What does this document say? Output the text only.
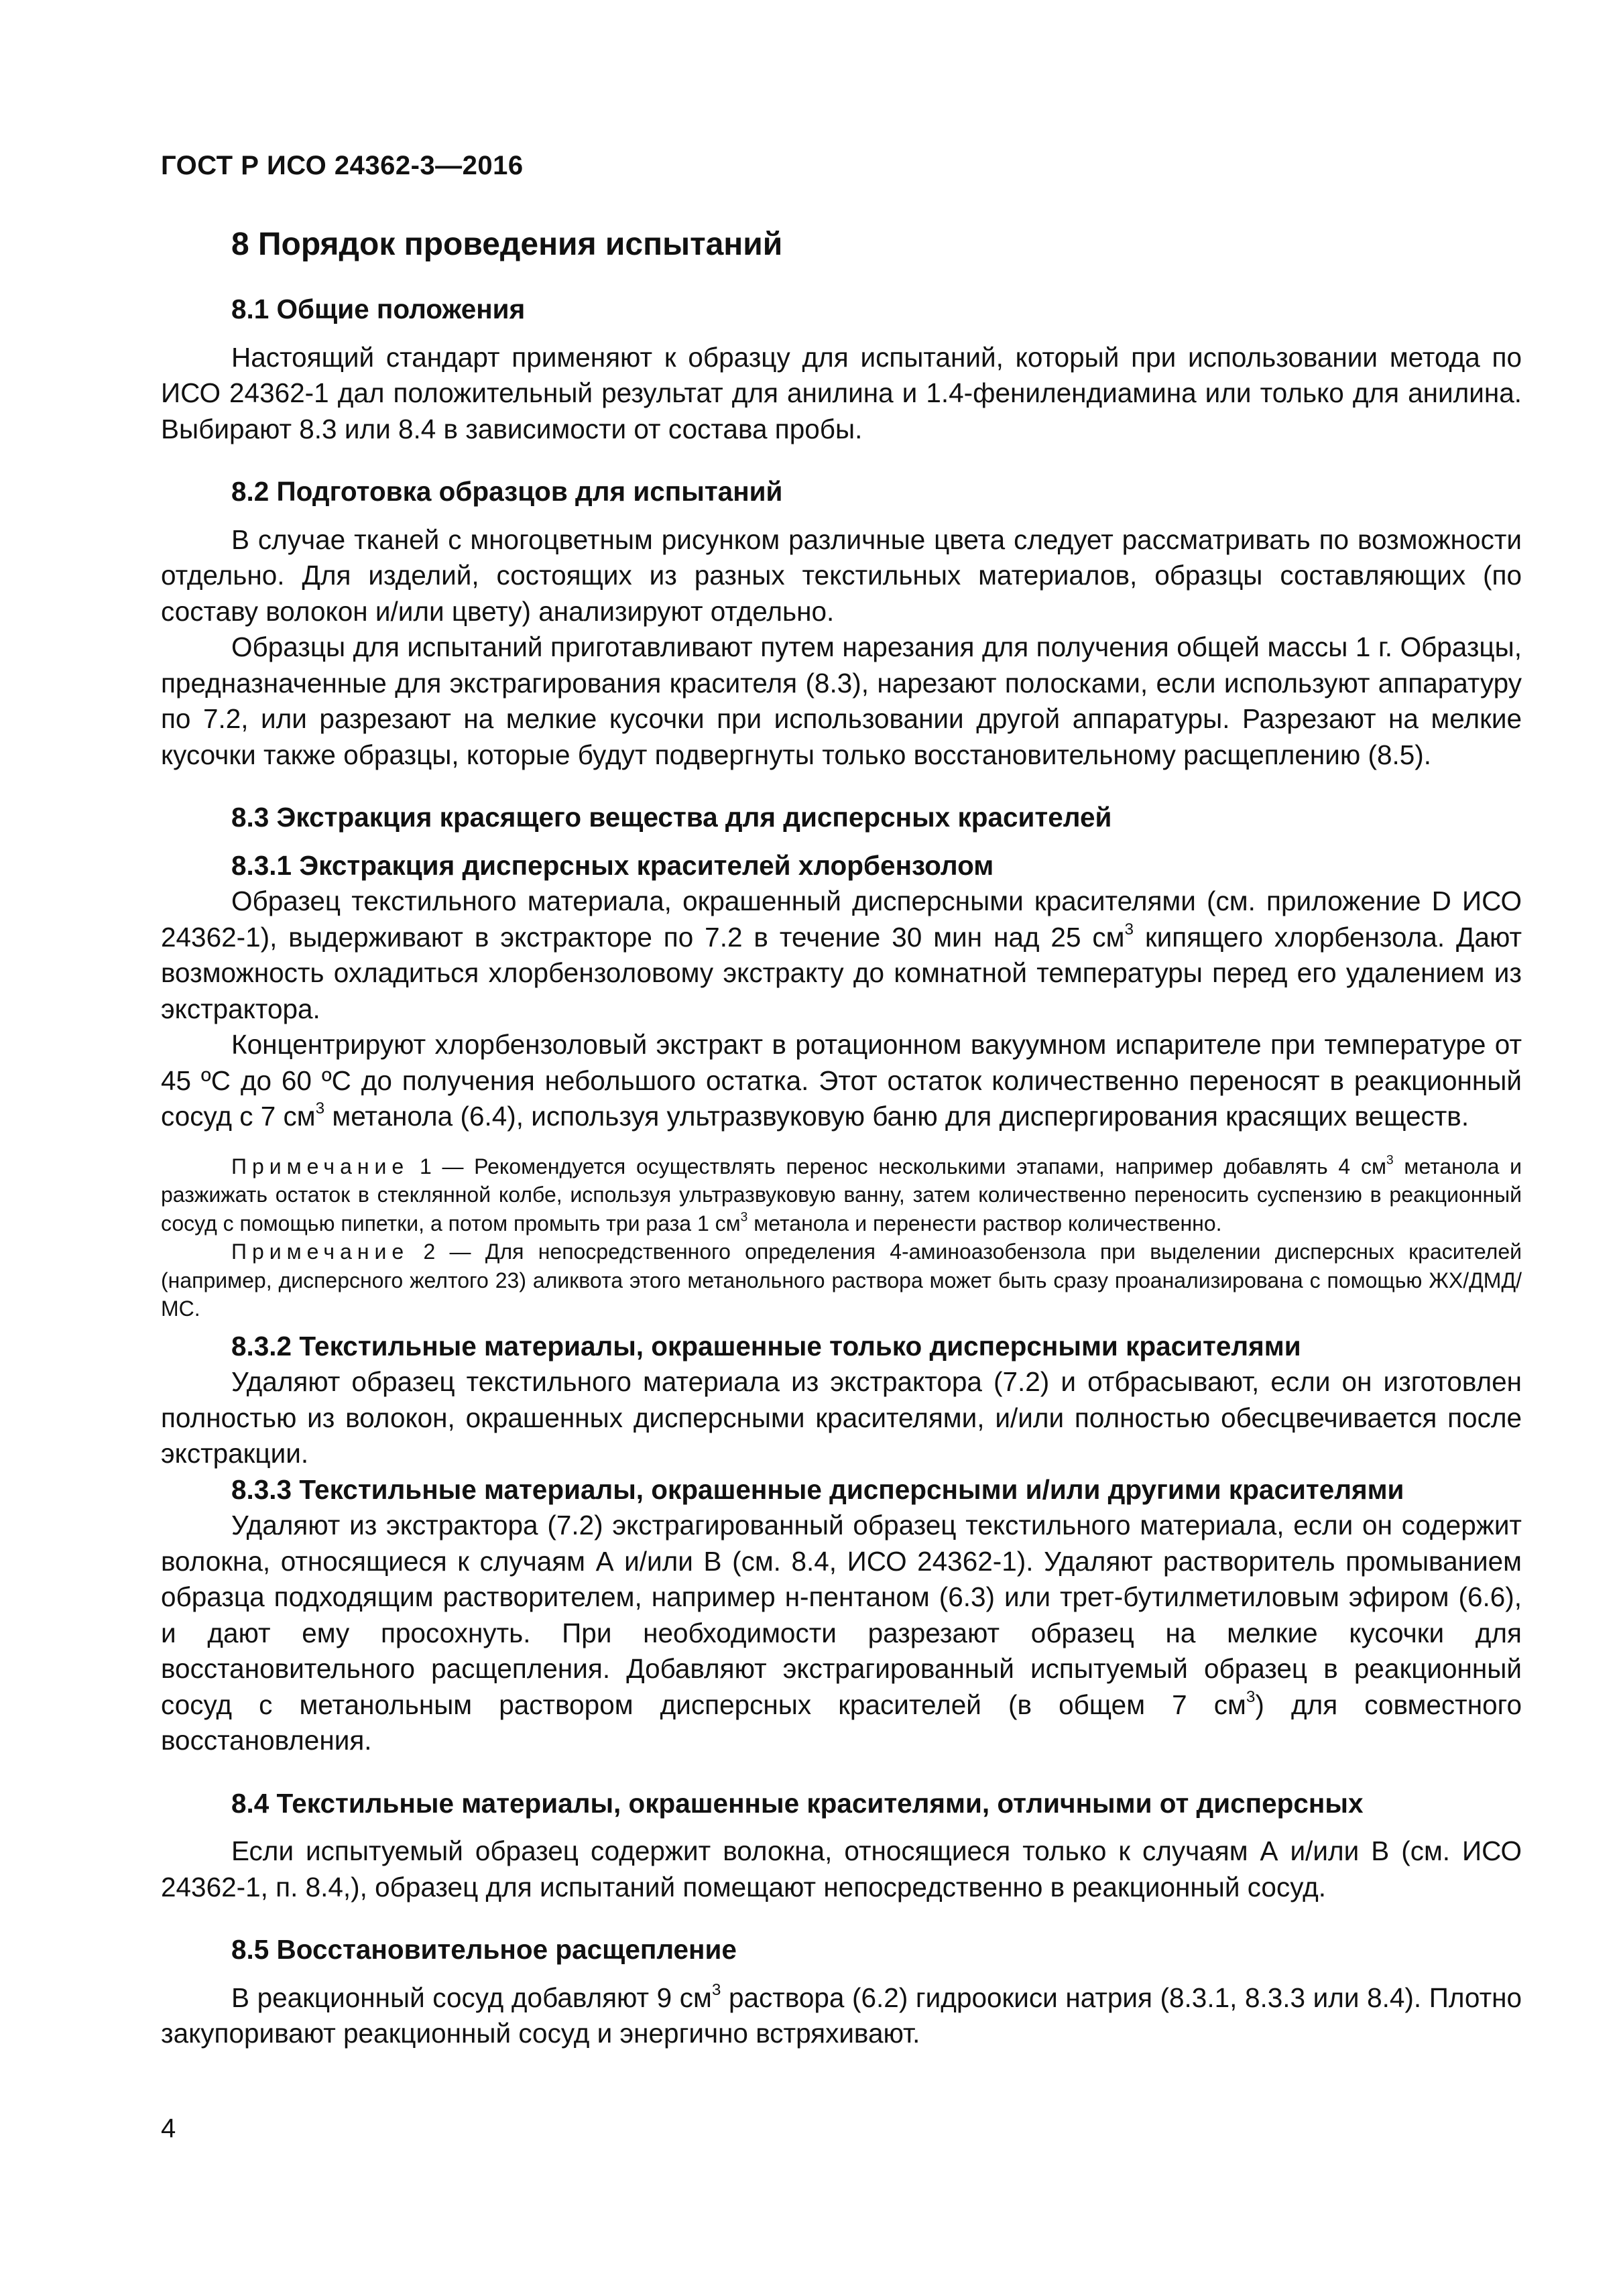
ГОСТ Р ИСО 24362-3—2016
8 Порядок проведения испытаний
8.1 Общие положения

Настоящий стандарт применяют к образцу для испытаний, который при использовании метода по ИСО 24362-1 дал положительный результат для анилина и 1.4-фенилендиамина или только для анилина. Выбирают 8.3 или 8.4 в зависимости от состава пробы.

8.2 Подготовка образцов для испытаний

В случае тканей с многоцветным рисунком различные цвета следует рассматривать по возможности отдельно. Для изделий, состоящих из разных текстильных материалов, образцы составляющих (по составу волокон и/или цвету) анализируют отдельно.

Образцы для испытаний приготавливают путем нарезания для получения общей массы 1 г. Образцы, предназначенные для экстрагирования красителя (8.3), нарезают полосками, если используют аппаратуру по 7.2, или разрезают на мелкие кусочки при использовании другой аппаратуры. Разрезают на мелкие кусочки также образцы, которые будут подвергнуты только восстановительному расщеплению (8.5).

8.3 Экстракция красящего вещества для дисперсных красителей
8.3.1 Экстракция дисперсных красителей хлорбензолом

Образец текстильного материала, окрашенный дисперсными красителями (см. приложение D ИСО 24362-1), выдерживают в экстракторе по 7.2 в течение 30 мин над 25 $см^3$ кипящего хлорбензола. Дают возможность охладиться хлорбензоловому экстракту до комнатной температуры перед его удалением из экстрактора.

Концентрируют хлорбензоловый экстракт в ротационном вакуумном испарителе при температуре от 45 ºС до 60 ºС до получения небольшого остатка. Этот остаток количественно переносят в реакционный сосуд с 7 $см^3$ метанола (6.4), используя ультразвуковую баню для диспергирования красящих веществ.

Примечание 1 — Рекомендуется осуществлять перенос несколькими этапами, например добавлять 4 $см^3$ метанола и разжижать остаток в стеклянной колбе, используя ультразвуковую ванну, затем количественно переносить суспензию в реакционный сосуд с помощью пипетки, а потом промыть три раза 1 $см^3$ метанола и перенести раствор количественно.

Примечание 2 — Для непосредственного определения 4-аминоазобензола при выделении дисперсных красителей (например, дисперсного желтого 23) аликвота этого метанольного раствора может быть сразу проанализирована с помощью ЖХ/ДМД/МС.

8.3.2 Текстильные материалы, окрашенные только дисперсными красителями

Удаляют образец текстильного материала из экстрактора (7.2) и отбрасывают, если он изготовлен полностью из волокон, окрашенных дисперсными красителями, и/или полностью обесцвечивается после экстракции.

8.3.3 Текстильные материалы, окрашенные дисперсными и/или другими красителями

Удаляют из экстрактора (7.2) экстрагированный образец текстильного материала, если он содержит волокна, относящиеся к случаям А и/или В (см. 8.4, ИСО 24362-1). Удаляют растворитель промыванием образца подходящим растворителем, например н-пентаном (6.3) или трет-бутилметиловым эфиром (6.6), и дают ему просохнуть. При необходимости разрезают образец на мелкие кусочки для восстановительного расщепления. Добавляют экстрагированный испытуемый образец в реакционный сосуд с метанольным раствором дисперсных красителей (в общем 7 $см^3$) для совместного восстановления.

8.4 Текстильные материалы, окрашенные красителями, отличными от дисперсных

Если испытуемый образец содержит волокна, относящиеся только к случаям А и/или В (см. ИСО 24362-1, п. 8.4,), образец для испытаний помещают непосредственно в реакционный сосуд.

8.5 Восстановительное расщепление

В реакционный сосуд добавляют 9 $см^3$ раствора (6.2) гидроокиси натрия (8.3.1, 8.3.3 или 8.4). Плотно закупоривают реакционный сосуд и энергично встряхивают.

4
